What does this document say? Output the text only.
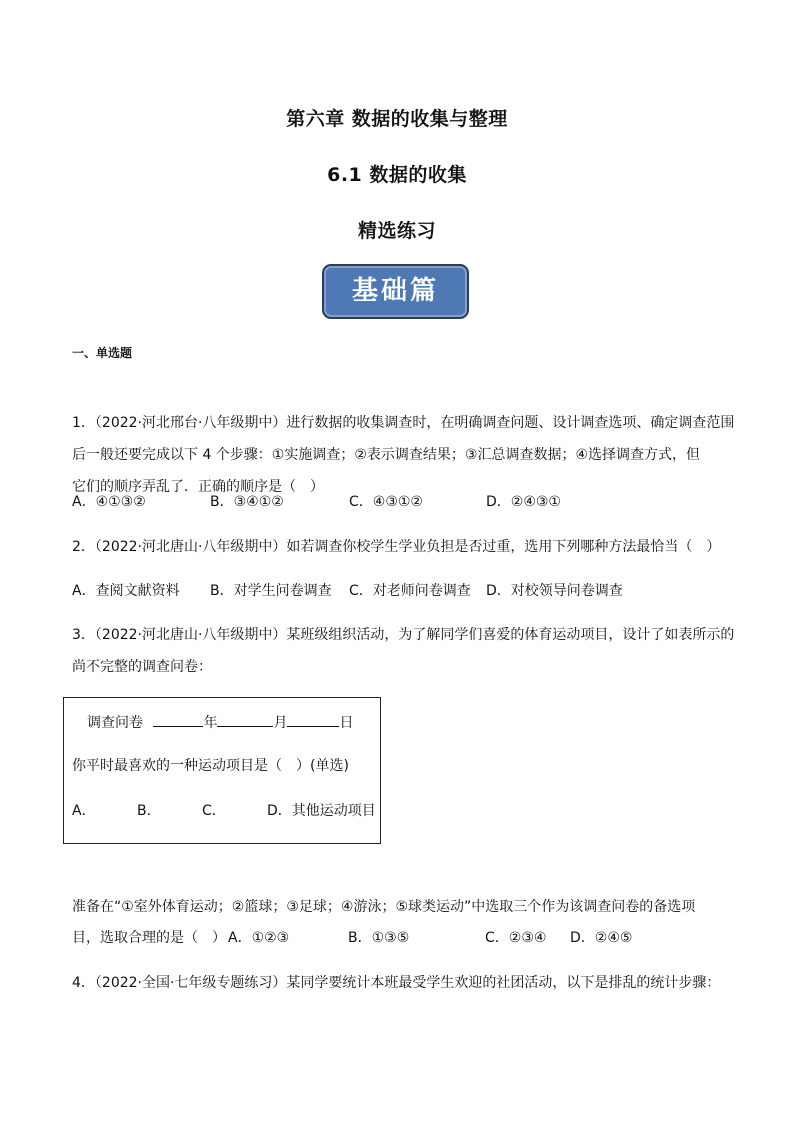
第六章 数据的收集与整理
6.1 数据的收集
精选练习
基础篇
一、单选题
1．（2022·河北邢台·八年级期中）进行数据的收集调查时，在明确调查问题、设计调查选项、确定调查范围
后一般还要完成以下 4 个步骤：①实施调查；②表示调查结果；③汇总调查数据；④选择调查方式，但
它们的顺序弄乱了．正确的顺序是（　）
A．④①③②	B．③④①②	C．④③①②	D．②④③①
2．（2022·河北唐山·八年级期中）如若调查你校学生学业负担是否过重，选用下列哪种方法最恰当（　）
A．查阅文献资料 B．对学生问卷调查 C．对老师问卷调查 D．对校领导问卷调查
3．（2022·河北唐山·八年级期中）某班级组织活动，为了解同学们喜爱的体育运动项目，设计了如表所示的
尚不完整的调查问卷：
调查问卷	年	月	日
你平时最喜欢的一种运动项目是（　）(单选)
A．	B．	C．	D．其他运动项目
准备在“①室外体育运动；②篮球；③足球；④游泳；⑤球类运动”中选取三个作为该调查问卷的备选项
目，选取合理的是（　） A．①②③	B．①③⑤	C．②③④ D．②④⑤
4．（2022·全国·七年级专题练习）某同学要统计本班最受学生欢迎的社团活动，以下是排乱的统计步骤：
